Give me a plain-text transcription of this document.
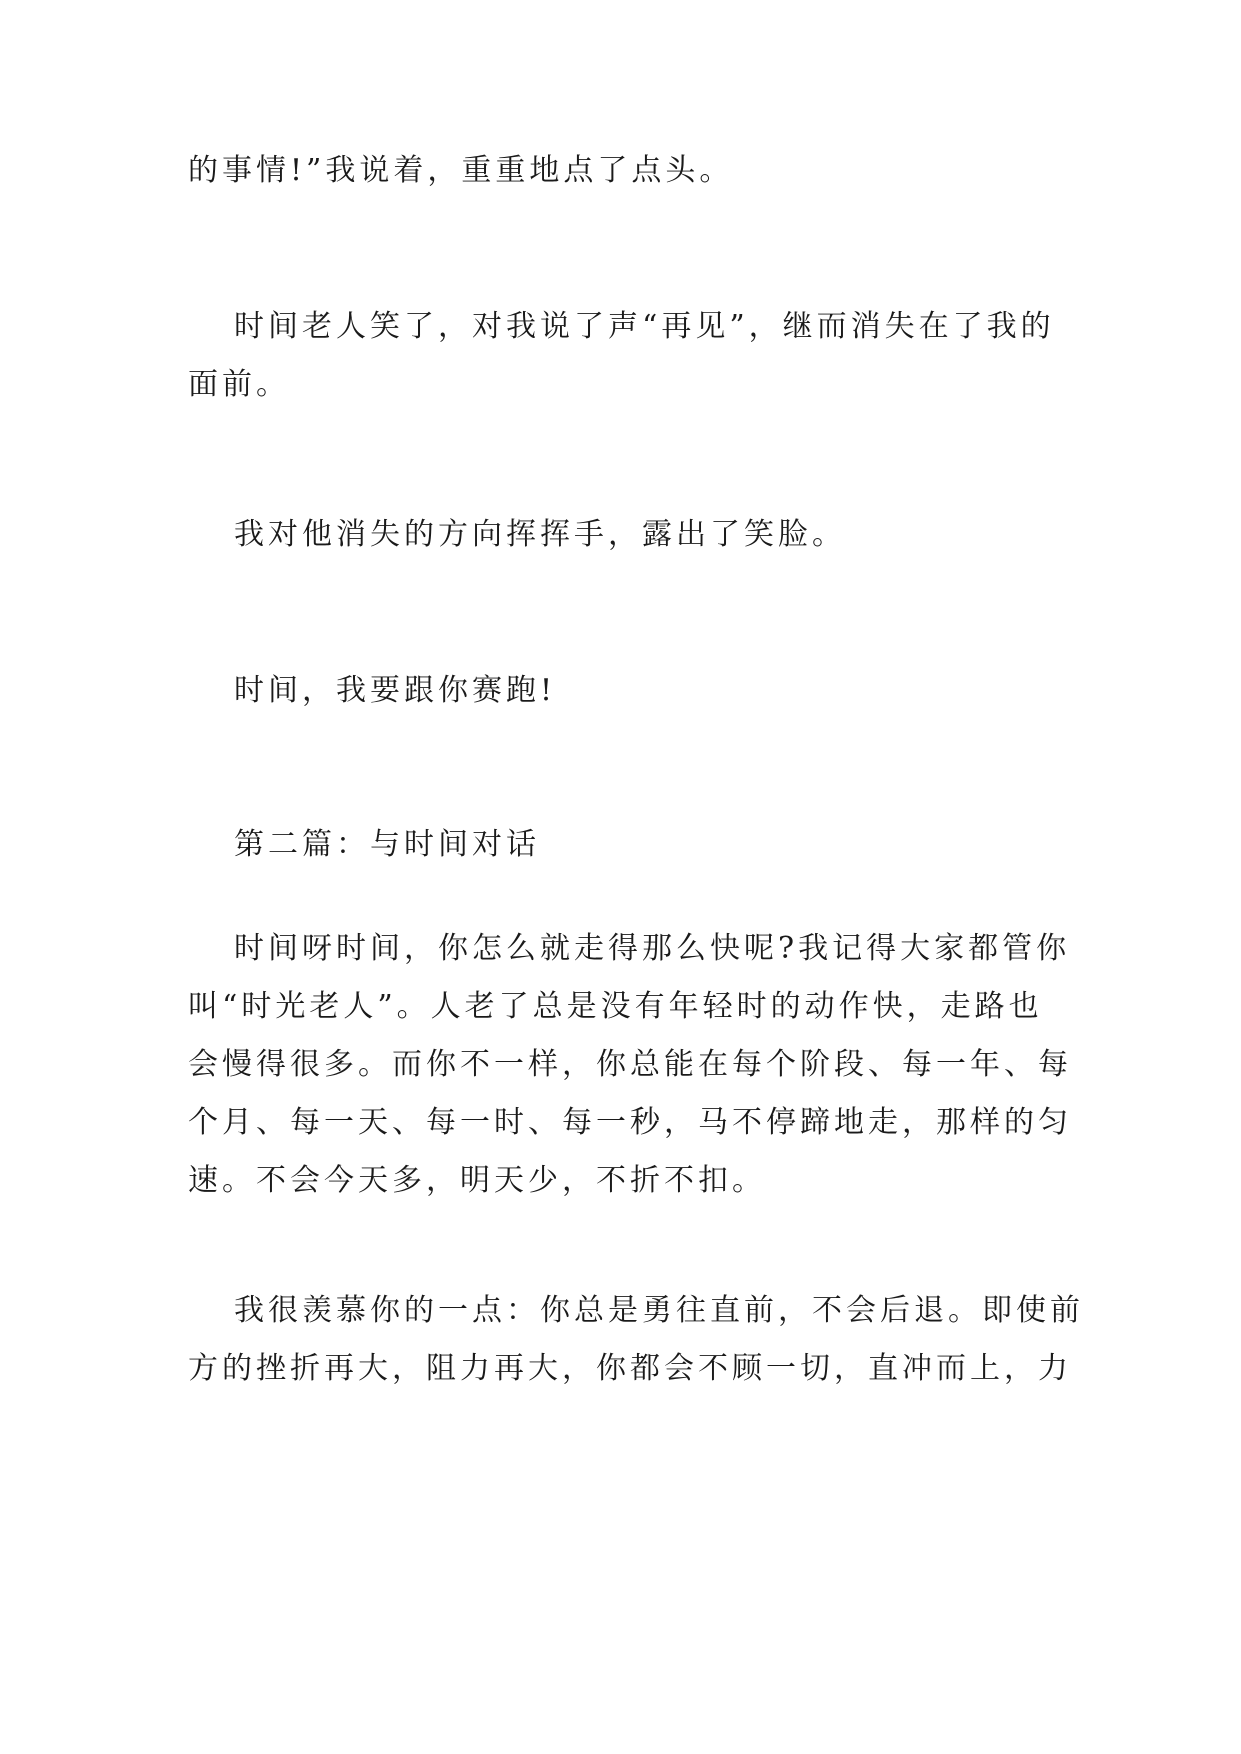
的事情!”我说着，重重地点了点头。

时间老人笑了，对我说了声“再见”，继而消失在了我的
面前。

我对他消失的方向挥挥手，露出了笑脸。

时间，我要跟你赛跑!

第二篇：与时间对话

时间呀时间，你怎么就走得那么快呢?我记得大家都管你
叫“时光老人”。人老了总是没有年轻时的动作快，走路也
会慢得很多。而你不一样，你总能在每个阶段、每一年、每
个月、每一天、每一时、每一秒，马不停蹄地走，那样的匀
速。不会今天多，明天少，不折不扣。

我很羡慕你的一点：你总是勇往直前，不会后退。即使前
方的挫折再大，阻力再大，你都会不顾一切，直冲而上，力
